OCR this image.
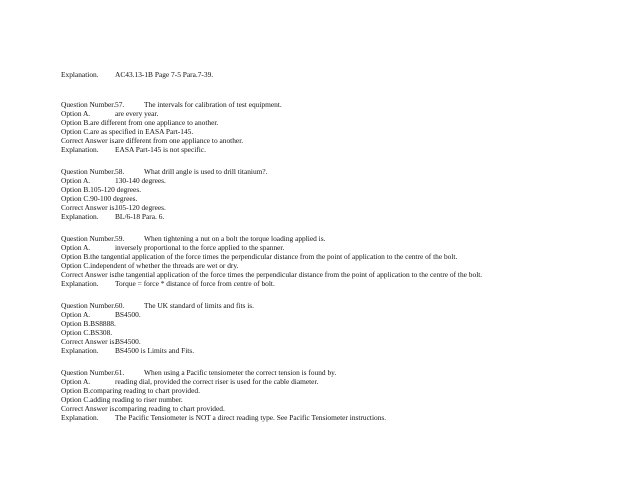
Explanation. AC43.13-1B Page 7-5 Para.7-39.
Question Number.57.	The intervals for calibration of test equipment.
Option A.	are every year.
Option B.are different from one appliance to another.
Option C.are as specified in EASA Part-145.
Correct Answer is.are different from one appliance to another.
Explanation. EASA Part-145 is not specific.
Question Number.58.	What drill angle is used to drill titanium?.
Option A.	130-140 degrees.
Option B.105-120 degrees.
Option C.90-100 degrees.
Correct Answer is.105-120 degrees.
Explanation. BL/6-18 Para. 6.
Question Number.59.	When tightening a nut on a bolt the torque loading applied is.
Option A.	inversely proportional to the force applied to the spanner.
Option B.the tangential application of the force times the perpendicular distance from the point of application to the centre of the bolt.
Option C.independent of whether the threads are wet or dry.
Correct Answer is.the tangential application of the force times the perpendicular distance from the point of application to the centre of the bolt.
Explanation. Torque = force * distance of force from centre of bolt.
Question Number.60.	The UK standard of limits and fits is.
Option A.	BS4500.
Option B.BS8888.
Option C.BS308.
Correct Answer is.BS4500.
Explanation. BS4500 is Limits and Fits.
Question Number.61.	When using a Pacific tensiometer the correct tension is found by.
Option A.	reading dial, provided the correct riser is used for the cable diameter.
Option B.comparing reading to chart provided.
Option C.adding reading to riser number.
Correct Answer is.comparing reading to chart provided.
Explanation. The Pacific Tensiometer is NOT a direct reading type. See Pacific Tensiometer instructions.
